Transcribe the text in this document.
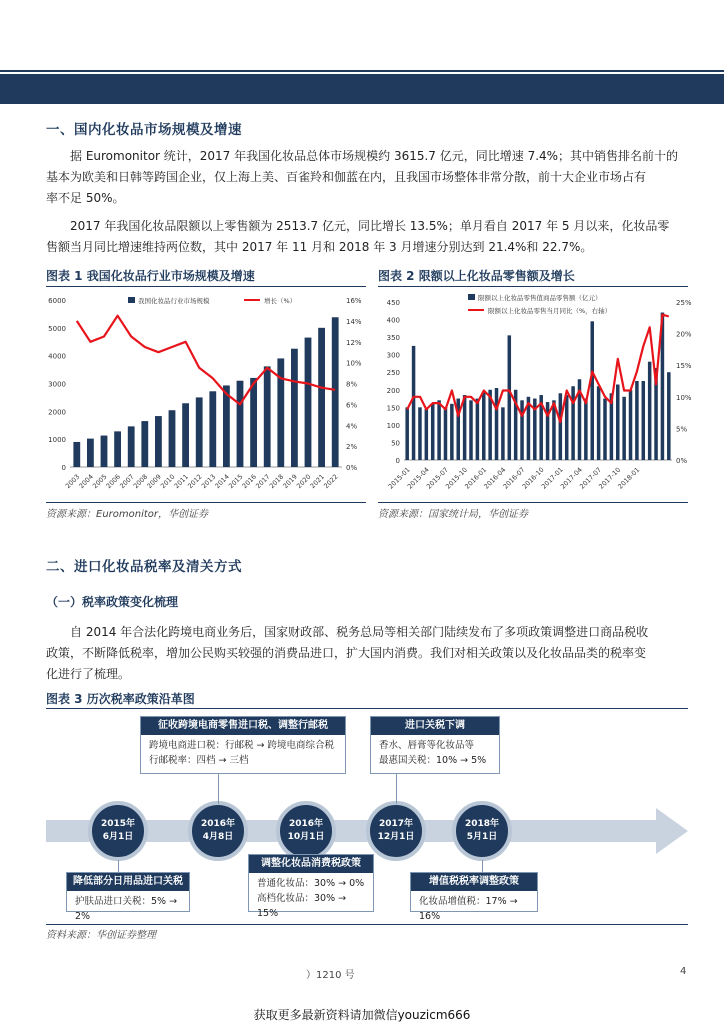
一、国内化妆品市场规模及增速
据 Euromonitor 统计，2017 年我国化妆品总体市场规模约 3615.7 亿元，同比增速 7.4%；其中销售排名前十的
基本为欧美和日韩等跨国企业，仅上海上美、百雀羚和伽蓝在内，且我国市场整体非常分散，前十大企业市场占有
率不足 50%。
2017 年我国化妆品限额以上零售额为 2513.7 亿元，同比增长 13.5%；单月看自 2017 年 5 月以来，化妆品零
售额当月同比增速维持两位数，其中 2017 年 11 月和 2018 年 3 月增速分别达到 21.4%和 22.7%。
图表 1 我国化妆品行业市场规模及增速	图表 2 限额以上化妆品零售额及增长
0
1000
2000
3000
4000
5000
6000
0%
2%
4%
6%
8%
10%
12%
14%
16%
2003
2004
2005
2006
2007
2008
2009
2010
2011
2012
2013
2014
2015
2016
2017
2018
2019
2020
2021
2022
我国化妆品行业市场规模	增长（%）
0
50
100
150
200
250
300
350
400
450
0%
5%
10%
15%
20%
25%
2015-01
2015-04
2015-07
2015-10
2016-01
2016-04
2016-07
2016-10
2017-01
2017-04
2017-07
2017-10
2018-01
限额以上化妆品零售值商品零售额（亿元）
限额以上化妆品零售当月同比（%，右轴）
资源来源：Euromonitor，华创证券	资源来源：国家统计局，华创证券
二、进口化妆品税率及清关方式
（一）税率政策变化梳理
自 2014 年合法化跨境电商业务后，国家财政部、税务总局等相关部门陆续发布了多项政策调整进口商品税收
政策，不断降低税率，增加公民购买较强的消费品进口，扩大国内消费。我们对相关政策以及化妆品品类的税率变
化进行了梳理。
图表 3 历次税率政策沿革图
2015年
6月1日
2016年
4月8日
2016年
10月1日
2017年
12月1日
2018年
5月1日
征收跨境电商零售进口税、调整行邮税
跨境电商进口税：行邮税 → 跨境电商综合税
行邮税率：四档 → 三档
进口关税下调
香水、唇膏等化妆品等
最惠国关税：10% → 5%
降低部分日用品进口关税
护肤品进口关税：5% → 2%
调整化妆品消费税政策
普通化妆品：30% → 0%
高档化妆品：30% → 15%
增值税税率调整政策
化妆品增值税：17% → 16%
资料来源：华创证券整理
）1210 号	4
获取更多最新资料请加微信youzicm666
